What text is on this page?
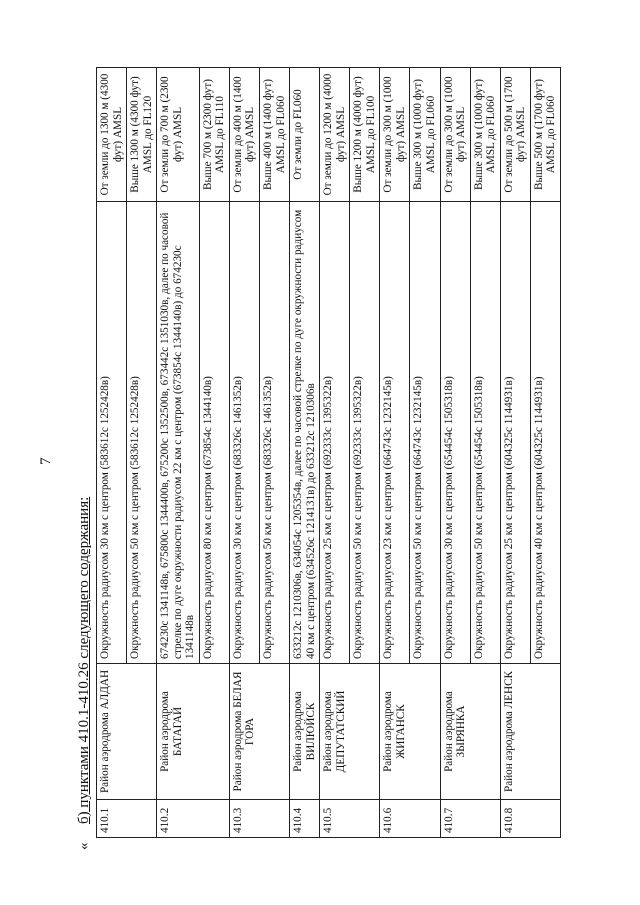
7
«
б) пунктами 410.1-410.26 следующего содержания: 410.1	Район аэродрома АЛДАН	Окружность радиусом 30 км с центром (583612с 1252428в)	От земли до 1300 м (4300 фут) AMSL
		Окружность радиусом 50 км с центром (583612с 1252428в)	Выше 1300 м (4300 фут) AMSL до FL120
410.2	Район аэродрома БАТАГАЙ	674230с 1341148в, 675800с 1344400в, 675200с 1352500в, 673442с 1351030в, далее по часовой стрелке по дуге окружности радиусом 22 км с центром (673854с 1344140в) до 674230с 1341148в	От земли до 700 м (2300 фут) AMSL
		Окружность радиусом 80 км с центром (673854с 1344140в)	Выше 700 м (2300 фут) AMSL до FL110
410.3	Район аэродрома БЕЛАЯ ГОРА	Окружность радиусом 30 км с центром (683326с 1461352в)	От земли до 400 м (1400 фут) AMSL
		Окружность радиусом 50 км с центром (683326с 1461352в)	Выше 400 м (1400 фут) AMSL до FL060
410.4	Район аэродрома ВИЛЮЙСК	633212с 1210306в, 634054с 1205354в, далее по часовой стрелке по дуге окружности радиусом 40 км с центром (634526с 1214131в) до 633212с 1210306в	От земли до FL060
410.5	Район аэродрома ДЕПУТАТСКИЙ	Окружность радиусом 25 км с центром (692333с 1395322в)	От земли до 1200 м (4000 фут) AMSL
		Окружность радиусом 50 км с центром (692333с 1395322в)	Выше 1200 м (4000 фут) AMSL до FL100
410.6	Район аэродрома ЖИГАНСК	Окружность радиусом 23 км с центром (664743с 1232145в)	От земли до 300 м (1000 фут) AMSL
		Окружность радиусом 50 км с центром (664743с 1232145в)	Выше 300 м (1000 фут) AMSL до FL060
410.7	Район аэродрома ЗЫРЯНКА	Окружность радиусом 30 км с центром (654454с 1505318в)	От земли до 300 м (1000 фут) AMSL
		Окружность радиусом 50 км с центром (654454с 1505318в)	Выше 300 м (1000 фут) AMSL до FL060
410.8	Район аэродрома ЛЕНСК	Окружность радиусом 25 км с центром (604325с 1144931в)	От земли до 500 м (1700 фут) AMSL
		Окружность радиусом 40 км с центром (604325с 1144931в)	Выше 500 м (1700 фут) AMSL до FL060
